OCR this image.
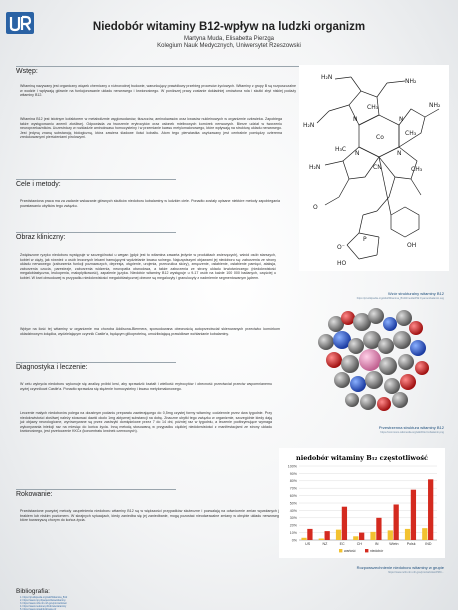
Niedobór witaminy B12-wpływ na ludzki organizm
Martyna Muda, Elisabetta Pierzga
Kolegium Nauk Medycznych, Uniwersytet Rzeszowski
Wstęp:

Witaminą nazywany jest organiczny wiązek chemiczny o różnorodnej budowie, warunkujący prawidłowy przebieg procesów życiowych. Witaminy z grupy B są rozpuszczalne w wodzie i wpływają głównie na funkcjonowanie układu nerwowego i krwionośnego. W poniższej pracy zostanie dokładniej omówiona rola i skutki zbyt niskiej podaży witaminy B12.

Witamina B12 jest istotnym kofaktorem w metabolizmie węglowodanów, tłuszczów, aminokwasów oraz kwasów nukleinowych w organizmie człowieka. Zapobiega także występowaniu anemii złośliwej. Odpowiada za tworzenie erytrocytów oraz osłonek mielinowych komórek nerwowych. Bierze udział w tworzeniu neuroprzekaźników. Uczestniczy w rozkładzie aminokwasu homocysteiny i w przemianie kwasu metylomalonowego, które wpływają na strukturę układu nerwowego. Jest jedyną znaną substancją biologiczną, która zawiera śladowe ilości kobaltu. Atom tego pierwiastka usytuowany jest centralnie pomiędzy czterema zredukowanymi pierścieniami pirolowymi.

Cele i metody:

Przedstawiona praca ma za zadanie wskazanie głównych skutków niedoboru kobalaminy w ludzkim ciele. Ponadto zostały opisane niektóre metody zapobiegania powstawaniu ubytków tego związku.

Obraz kliniczny:

Zwiększone ryzyko niedoboru występuje w szczególności u wegan (gdyż jest to witamina zawarta jedynie w produktach zwierzęcych), wśród osób starszych, kobiet w ciąży, jak również u osób leczonych lekami hamującymi wydzielanie kwasu solnego. Najczęstszymi objawami jej niedoboru są: zaburzenia ze strony układu nerwowego (zaburzenia funkcji poznawczych, depresja, otępienie, urojenia, przeczulica skóry), zmęczenie, osłabienie, osłabienie pamięci, ataksja, zaburzenia czucia, parestezje, zaburzenia widzenia, neuropatia obwodowa, a także zaburzenia ze strony układu krwiotwórczego (niedokrwistość megaloblastyczna, leukopenia, małopłytkowość), zapalenie języka. Niedobór witaminy B12 występuje u 9-17 osób na każde 100 000 badanych, częściej u kobiet. W krwi obwodowej w przypadku niedokrwistości megaloblastycznej obecne są megalocyty i granulocyty z nadmiernie segmentowanym jądrem.

Wpływ na ilość tej witaminy w organizmie ma choroba Addisona-Biermera, spowodowana obecnością autoprzeciwciał skierowanych przeciwko komórkom okładzinowym żołądka, wydzielającym czynnik Castle'a, będącym glikoproteiną, umożliwiającą prawidłowe wchłanianie kobalaminy.

Diagnostyka i leczenie:

W celu wykrycia niedoboru wykonuje się analizę próbki krwi, aby sprawdzić kształt i wielkość erytrocytów i obecność przeciwciał przeciw wspomnianemu wyżej czynnikowi Castle'a. Ponadto sprawdza się stężenie homocysteiny i kwasu metylomalonowego.

Leczenie małych niedoborów polega na doustnym podaniu preparatu zawierającego do 0,5mg czystej formy witaminy, codziennie przez dwa tygodnie. Przy niedokrwistości złośliwej należy stosować dawki około 1mg aktywnej substancji na dobę. Znaczne ubytki tego związku w organizmie, szczególnie kiedy dają już objawy neurologiczne, wyrównywane są przez zastrzyki domięśniowe przez 7 do 14 dni, później raz w tygodniu, a leczenie podtrzymujące wymaga wykonywania iniekcji raz na miesiąc do końca życia. Inną metodą stosowaną w przypadku ciężkiej niedokrwistości z manifestacjami ze strony układu krwionośnego, jest przetoczenie KKCz (koncentratu krwinek czerwonych).

Rokowanie:

Przedstawione powyżej metody uzupełnienia niedoboru witaminy B12 są w większości przypadków skuteczne i pozwalają na odwrócenie zmian wywołanych jej brakiem lub niskim poziomem. W skrajnych sytuacjach, kiedy zaniedba się jej zaniedbanie, mogą pozostać nieodwracalne zmiany w obrębie układu nerwowego, które towarzyszą chorym do końca życia.

Co
CN
H₂N
NH₂
NH₂
H₂N
H₂N
N	N
N	N
CH₃
CH₃
H₃C
CH₃
P
O⁻
HO
OH
O
Wzór strukturalny witaminy B12
https://pl.wikipedia.org/wiki/Witamina_B12#/media/Plik:Cyanocobalamin.svg
Przestrzenna struktura witaminy B12
https://commons.wikimedia.org/wiki/File:Cobalamin.png
niedobór witaminy B₁₂ częstotliwość
0%
10%
20%
30%
40%
50%
60%
70%
80%
90%
100%
US	NZ	EC	CH	IN	Wietn Polsk	IND
wartość	niedobór
Rozpowszechnienie niedoboru witaminy w grupie
https://www.ncbi.nlm.nih.gov/pmc/articles/PMC...
Bibliografia:
1. https://pl.wikipedia.org/wiki/Witamina_B12
2. https://www.mp.pl/pacjent/dieta/witaminy
3. https://www.ncbi.nlm.nih.gov/pmc/articles/
4. https://www.medonet.pl/zdrowie/witaminy
5. https://www.poradnikzdrowie.pl/
